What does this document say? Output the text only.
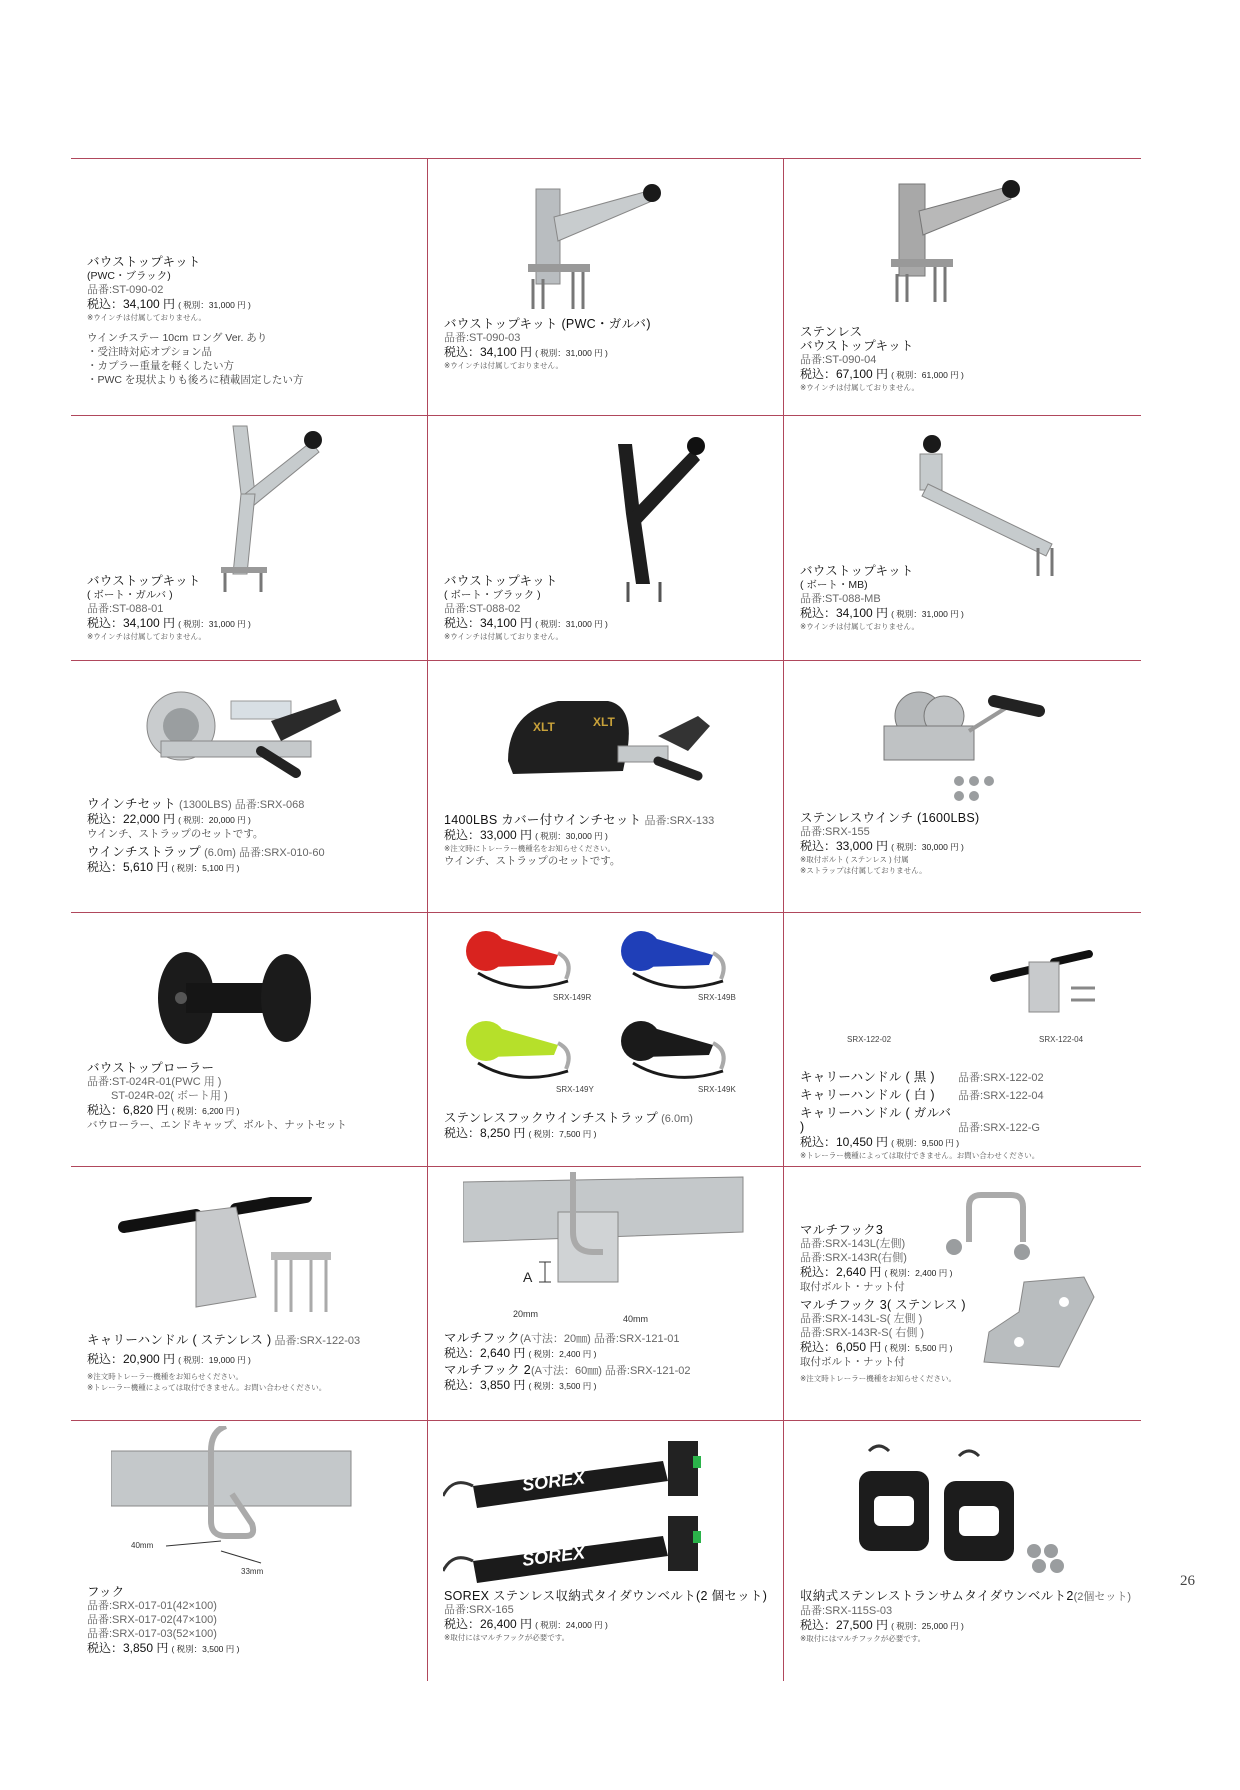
バウストップキット
(PWC・ブラック)
品番:ST-090-02
税込：34,100 円 ( 税別：31,000 円 )
※ウインチは付属しておりません。
ウインチステー 10cm ロング Ver. あり
・受注時対応オプション品
・カプラー重量を軽くしたい方
・PWC を現状よりも後ろに積載固定したい方
バウストップキット (PWC・ガルバ)
品番:ST-090-03
税込：34,100 円 ( 税別：31,000 円 )
※ウインチは付属しておりません。
ステンレス
バウストップキット
品番:ST-090-04
税込：67,100 円 ( 税別：61,000 円 )
※ウインチは付属しておりません。
バウストップキット
( ボート・ガルバ )
品番:ST-088-01
税込：34,100 円 ( 税別：31,000 円 )
※ウインチは付属しておりません。
バウストップキット
( ボート・ブラック )
品番:ST-088-02
税込：34,100 円 ( 税別：31,000 円 )
※ウインチは付属しておりません。
バウストップキット
( ボート・MB)
品番:ST-088-MB
税込：34,100 円 ( 税別：31,000 円 )
※ウインチは付属しておりません。
ウインチセット (1300LBS) 品番:SRX-068
税込：22,000 円 ( 税別：20,000 円 )
ウインチ、ストラップのセットです。
ウインチストラップ (6.0m) 品番:SRX-010-60
税込：5,610 円 ( 税別：5,100 円 )
XLT	XLT
1400LBS カバー付ウインチセット 品番:SRX-133
税込：33,000 円 ( 税別：30,000 円 )
※注文時にトレーラー機種名をお知らせください。
ウインチ、ストラップのセットです。
ステンレスウインチ (1600LBS)
品番:SRX-155
税込：33,000 円 ( 税別：30,000 円 )
※取付ボルト ( ステンレス ) 付属
※ストラップは付属しておりません。
バウストップローラー
品番:ST-024R-01(PWC 用 )
ST-024R-02( ボート用 )
税込：6,820 円 ( 税別：6,200 円 )
バウローラー、エンドキャップ、ボルト、ナットセット
SRX-149R	SRX-149B
SRX-149Y	SRX-149K
ステンレスフックウインチストラップ (6.0m)
税込：8,250 円 ( 税別：7,500 円 )
SRX-122-02	SRX-122-04
キャリーハンドル ( 黒 ) 品番:SRX-122-02
キャリーハンドル ( 白 ) 品番:SRX-122-04
キャリーハンドル ( ガルバ )	品番:SRX-122-G
税込：10,450 円 ( 税別：9,500 円 )
※トレーラー機種によっては取付できません。お問い合わせください。
キャリーハンドル ( ステンレス ) 品番:SRX-122-03
税込：20,900 円 ( 税別：19,000 円 )
※注文時トレーラー機種をお知らせください。
※トレーラー機種によっては取付できません。お問い合わせください。
A
20mm	40mm
マルチフック(A寸法：20㎜) 品番:SRX-121-01
税込：2,640 円 ( 税別：2,400 円 )
マルチフック 2(A寸法：60㎜) 品番:SRX-121-02
税込：3,850 円 ( 税別：3,500 円 )
マルチフック3
品番:SRX-143L(左側)
品番:SRX-143R(右側)
税込：2,640 円 ( 税別：2,400 円 )
取付ボルト・ナット付
マルチフック 3( ステンレス )
品番:SRX-143L-S( 左側 )
品番:SRX-143R-S( 右側 )
税込：6,050 円 ( 税別：5,500 円 )
取付ボルト・ナット付
※注文時トレーラー機種をお知らせください。
40mm
33mm
フック
品番:SRX-017-01(42×100)
品番:SRX-017-02(47×100)
品番:SRX-017-03(52×100)
税込：3,850 円 ( 税別：3,500 円 )
SOREX
SOREX
SOREX ステンレス収納式タイダウンベルト(2 個セット)
品番:SRX-165
税込：26,400 円 ( 税別：24,000 円 )
※取付にはマルチフックが必要です。
収納式ステンレストランサムタイダウンベルト2(2個セット)
品番:SRX-115S-03
税込：27,500 円 ( 税別：25,000 円 )
※取付にはマルチフックが必要です。
26
